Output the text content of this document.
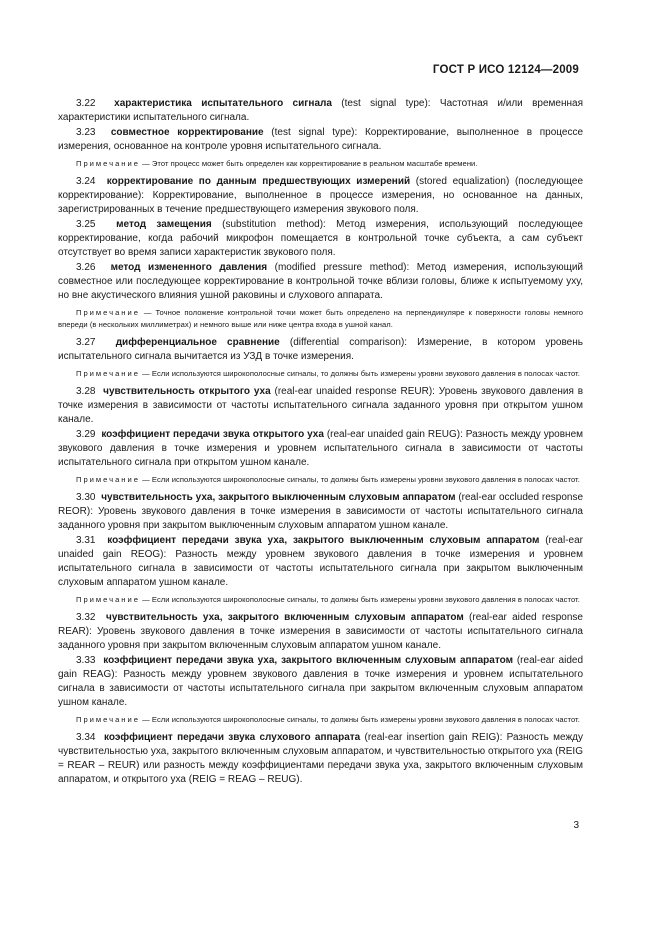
ГОСТ Р ИСО 12124—2009

3.22 характеристика испытательного сигнала (test signal type): Частотная и/или временная характеристики испытательного сигнала.

3.23 совместное корректирование (test signal type): Корректирование, выполненное в процессе измерения, основанное на контроле уровня испытательного сигнала.

Примечание — Этот процесс может быть определен как корректирование в реальном масштабе времени.

3.24 корректирование по данным предшествующих измерений (stored equalization) (последующее корректирование): Корректирование, выполненное в процессе измерения, но основанное на данных, зарегистрированных в течение предшествующего измерения звукового поля.

3.25 метод замещения (substitution method): Метод измерения, использующий последующее корректирование, когда рабочий микрофон помещается в контрольной точке субъекта, а сам субъект отсутствует во время записи характеристик звукового поля.

3.26 метод измененного давления (modified pressure method): Метод измерения, использующий совместное или последующее корректирование в контрольной точке вблизи головы, ближе к испытуемому уху, но вне акустического влияния ушной раковины и слухового аппарата.

Примечание — Точное положение контрольной точки может быть определено на перпендикуляре к поверхности головы немного впереди (в нескольких миллиметрах) и немного выше или ниже центра входа в ушной канал.

3.27 дифференциальное сравнение (differential comparison): Измерение, в котором уровень испытательного сигнала вычитается из УЗД в точке измерения.

Примечание — Если используются широкополосные сигналы, то должны быть измерены уровни звукового давления в полосах частот.

3.28 чувствительность открытого уха (real-ear unaided response REUR): Уровень звукового давления в точке измерения в зависимости от частоты испытательного сигнала заданного уровня при открытом ушном канале.

3.29 коэффициент передачи звука открытого уха (real-ear unaided gain REUG): Разность между уровнем звукового давления в точке измерения и уровнем испытательного сигнала в зависимости от частоты испытательного сигнала при открытом ушном канале.

Примечание — Если используются широкополосные сигналы, то должны быть измерены уровни звукового давления в полосах частот.

3.30 чувствительность уха, закрытого выключенным слуховым аппаратом (real-ear occluded response REOR): Уровень звукового давления в точке измерения в зависимости от частоты испытательного сигнала заданного уровня при закрытом выключенным слуховым аппаратом ушном канале.

3.31 коэффициент передачи звука уха, закрытого выключенным слуховым аппаратом (real-ear unaided gain REOG): Разность между уровнем звукового давления в точке измерения и уровнем испытательного сигнала в зависимости от частоты испытательного сигнала при закрытом выключенным слуховым аппаратом ушном канале.

Примечание — Если используются широкополосные сигналы, то должны быть измерены уровни звукового давления в полосах частот.

3.32 чувствительность уха, закрытого включенным слуховым аппаратом (real-ear aided response REAR): Уровень звукового давления в точке измерения в зависимости от частоты испытательного сигнала заданного уровня при закрытом включенным слуховым аппаратом ушном канале.

3.33 коэффициент передачи звука уха, закрытого включенным слуховым аппаратом (real-ear aided gain REAG): Разность между уровнем звукового давления в точке измерения и уровнем испытательного сигнала в зависимости от частоты испытательного сигнала при закрытом включенным слуховым аппаратом ушном канале.

Примечание — Если используются широкополосные сигналы, то должны быть измерены уровни звукового давления в полосах частот.

3.34 коэффициент передачи звука слухового аппарата (real-ear insertion gain REIG): Разность между чувствительностью уха, закрытого включенным слуховым аппаратом, и чувствительностью открытого уха (REIG = REAR – REUR) или разность между коэффициентами передачи звука уха, закрытого включенным слуховым аппаратом, и открытого уха (REIG = REAG – REUG).

3
